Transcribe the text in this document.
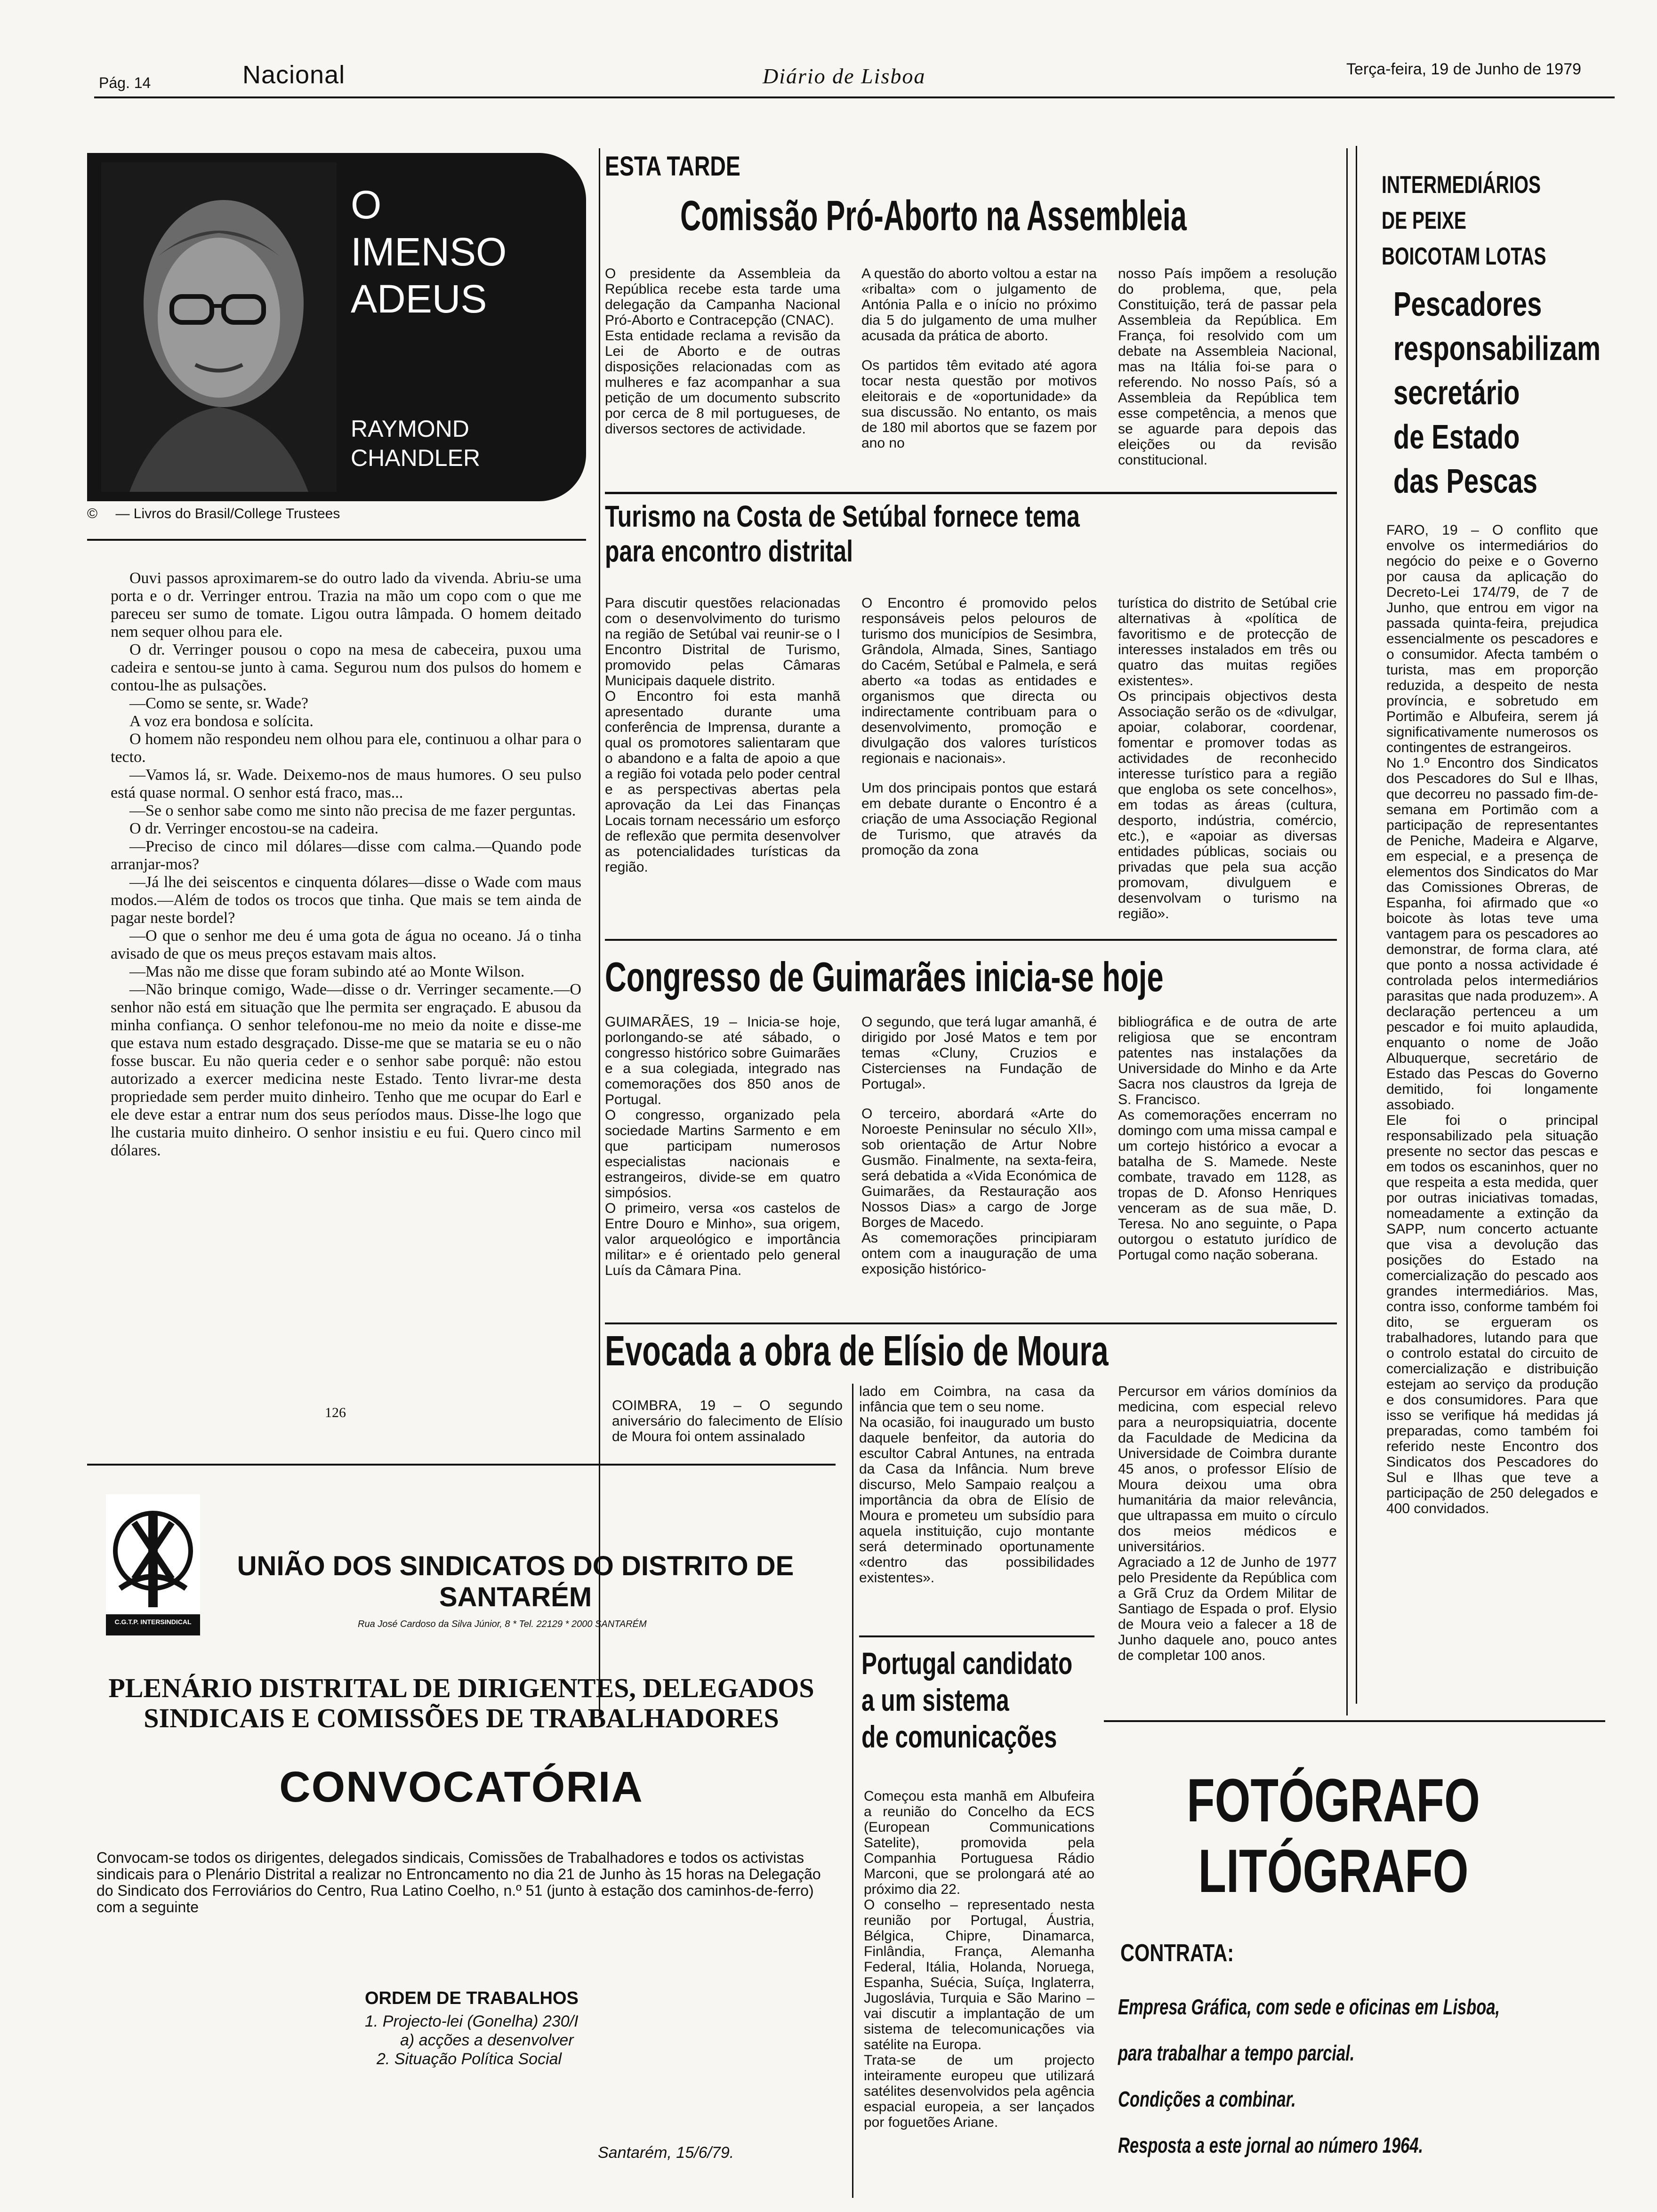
Pág. 14	Nacional	Diário de Lisboa	Terça-feira, 19 de Junho de 1979
O
IMENSO
ADEUS
RAYMOND
CHANDLER
© — Livros do Brasil/College Trustees

Ouvi passos aproximarem-se do outro lado da vivenda. Abriu-se uma porta e o dr. Verringer entrou. Trazia na mão um copo com o que me pareceu ser sumo de tomate. Ligou outra lâmpada. O homem deitado nem sequer olhou para ele.

O dr. Verringer pousou o copo na mesa de cabeceira, puxou uma cadeira e sentou-se junto à cama. Segurou num dos pulsos do homem e contou-lhe as pulsações.

—Como se sente, sr. Wade?

A voz era bondosa e solícita.

O homem não respondeu nem olhou para ele, continuou a olhar para o tecto.

—Vamos lá, sr. Wade. Deixemo-nos de maus humores. O seu pulso está quase normal. O senhor está fraco, mas...

—Se o senhor sabe como me sinto não precisa de me fazer perguntas.

O dr. Verringer encostou-se na cadeira.

—Preciso de cinco mil dólares—disse com calma.—Quando pode arranjar-mos?

—Já lhe dei seiscentos e cinquenta dólares—disse o Wade com maus modos.—Além de todos os trocos que tinha. Que mais se tem ainda de pagar neste bordel?

—O que o senhor me deu é uma gota de água no oceano. Já o tinha avisado de que os meus preços estavam mais altos.

—Mas não me disse que foram subindo até ao Monte Wilson.

—Não brinque comigo, Wade—disse o dr. Verringer secamente.—O senhor não está em situação que lhe permita ser engraçado. E abusou da minha confiança. O senhor telefonou-me no meio da noite e disse-me que estava num estado desgraçado. Disse-me que se mataria se eu o não fosse buscar. Eu não queria ceder e o senhor sabe porquê: não estou autorizado a exercer medicina neste Estado. Tento livrar-me desta propriedade sem perder muito dinheiro. Tenho que me ocupar do Earl e ele deve estar a entrar num dos seus períodos maus. Disse-lhe logo que lhe custaria muito dinheiro. O senhor insistiu e eu fui. Quero cinco mil dólares.

126
ESTA TARDE
Comissão Pró-Aborto na Assembleia

O presidente da Assembleia da República recebe esta tarde uma delegação da Campanha Nacional Pró-Aborto e Contracepção (CNAC).

Esta entidade reclama a revisão da Lei de Aborto e de outras disposições relacionadas com as mulheres e faz acompanhar a sua petição de um documento subscrito por cerca de 8 mil portugueses, de diversos sectores de actividade.

A questão do aborto voltou a estar na «ribalta» com o julgamento de Antónia Palla e o início no próximo dia 5 do julgamento de uma mulher acusada da prática de aborto.

Os partidos têm evitado até agora tocar nesta questão por motivos eleitorais e de «oportunidade» da sua discussão. No entanto, os mais de 180 mil abortos que se fazem por ano no

nosso País impõem a resolução do problema, que, pela Constituição, terá de passar pela Assembleia da República. Em França, foi resolvido com um debate na Assembleia Nacional, mas na Itália foi-se para o referendo. No nosso País, só a Assembleia da República tem esse competência, a menos que se aguarde para depois das eleições ou da revisão constitucional.

Turismo na Costa de Setúbal fornece tema
para encontro distrital

Para discutir questões relacionadas com o desenvolvimento do turismo na região de Setúbal vai reunir-se o I Encontro Distrital de Turismo, promovido pelas Câmaras Municipais daquele distrito.

O Encontro foi esta manhã apresentado durante uma conferência de Imprensa, durante a qual os promotores salientaram que o abandono e a falta de apoio a que a região foi votada pelo poder central e as perspectivas abertas pela aprovação da Lei das Finanças Locais tornam necessário um esforço de reflexão que permita desenvolver as potencialidades turísticas da região.

O Encontro é promovido pelos responsáveis pelos pelouros de turismo dos municípios de Sesimbra, Grândola, Almada, Sines, Santiago do Cacém, Setúbal e Palmela, e será aberto «a todas as entidades e organismos que directa ou indirectamente contribuam para o desenvolvimento, promoção e divulgação dos valores turísticos regionais e nacionais».

Um dos principais pontos que estará em debate durante o Encontro é a criação de uma Associação Regional de Turismo, que através da promoção da zona

turística do distrito de Setúbal crie alternativas à «política de favoritismo e de protecção de interesses instalados em três ou quatro das muitas regiões existentes».

Os principais objectivos desta Associação serão os de «divulgar, apoiar, colaborar, coordenar, fomentar e promover todas as actividades de reconhecido interesse turístico para a região que engloba os sete concelhos», em todas as áreas (cultura, desporto, indústria, comércio, etc.), e «apoiar as diversas entidades públicas, sociais ou privadas que pela sua acção promovam, divulguem e desenvolvam o turismo na região».

Congresso de Guimarães inicia-se hoje

GUIMARÃES, 19 – Inicia-se hoje, porlongando-se até sábado, o congresso histórico sobre Guimarães e a sua colegiada, integrado nas comemorações dos 850 anos de Portugal.

O congresso, organizado pela sociedade Martins Sarmento e em que participam numerosos especialistas nacionais e estrangeiros, divide-se em quatro simpósios.

O primeiro, versa «os castelos de Entre Douro e Minho», sua origem, valor arqueológico e importância militar» e é orientado pelo general Luís da Câmara Pina.

O segundo, que terá lugar amanhã, é dirigido por José Matos e tem por temas «Cluny, Cruzios e Cistercienses na Fundação de Portugal».

O terceiro, abordará «Arte do Noroeste Peninsular no século XII», sob orientação de Artur Nobre Gusmão. Finalmente, na sexta-feira, será debatida a «Vida Económica de Guimarães, da Restauração aos Nossos Dias» a cargo de Jorge Borges de Macedo.

As comemorações principiaram ontem com a inauguração de uma exposição histórico-

bibliográfica e de outra de arte religiosa que se encontram patentes nas instalações da Universidade do Minho e da Arte Sacra nos claustros da Igreja de S. Francisco.

As comemorações encerram no domingo com uma missa campal e um cortejo histórico a evocar a batalha de S. Mamede. Neste combate, travado em 1128, as tropas de D. Afonso Henriques venceram as de sua mãe, D. Teresa. No ano seguinte, o Papa outorgou o estatuto jurídico de Portugal como nação soberana.

Evocada a obra de Elísio de Moura

COIMBRA, 19 – O segundo aniversário do falecimento de Elísio de Moura foi ontem assinalado

lado em Coimbra, na casa da infância que tem o seu nome.

Na ocasião, foi inaugurado um busto daquele benfeitor, da autoria do escultor Cabral Antunes, na entrada da Casa da Infância. Num breve discurso, Melo Sampaio realçou a importância da obra de Elísio de Moura e prometeu um subsídio para aquela instituição, cujo montante será determinado oportunamente «dentro das possibilidades existentes».

Percursor em vários domínios da medicina, com especial relevo para a neuropsiquiatria, docente da Faculdade de Medicina da Universidade de Coimbra durante 45 anos, o professor Elísio de Moura deixou uma obra humanitária da maior relevância, que ultrapassa em muito o círculo dos meios médicos e universitários.

Agraciado a 12 de Junho de 1977 pelo Presidente da República com a Grã Cruz da Ordem Militar de Santiago de Espada o prof. Elysio de Moura veio a falecer a 18 de Junho daquele ano, pouco antes de completar 100 anos.

Portugal candidato
a um sistema
de comunicações

Começou esta manhã em Albufeira a reunião do Concelho da ECS (European Communications Satelite), promovida pela Companhia Portuguesa Rádio Marconi, que se prolongará até ao próximo dia 22.

O conselho – representado nesta reunião por Portugal, Áustria, Bélgica, Chipre, Dinamarca, Finlândia, França, Alemanha Federal, Itália, Holanda, Noruega, Espanha, Suécia, Suíça, Inglaterra, Jugoslávia, Turquia e São Marino – vai discutir a implantação de um sistema de telecomunicações via satélite na Europa.

Trata-se de um projecto inteiramente europeu que utilizará satélites desenvolvidos pela agência espacial europeia, a ser lançados por foguetões Ariane.

INTERMEDIÁRIOS
DE PEIXE
BOICOTAM LOTAS
Pescadores
responsabilizam
secretário
de Estado
das Pescas

FARO, 19 – O conflito que envolve os intermediários do negócio do peixe e o Governo por causa da aplicação do Decreto-Lei 174/79, de 7 de Junho, que entrou em vigor na passada quinta-feira, prejudica essencialmente os pescadores e o consumidor. Afecta também o turista, mas em proporção reduzida, a despeito de nesta província, e sobretudo em Portimão e Albufeira, serem já significativamente numerosos os contingentes de estrangeiros.

No 1.º Encontro dos Sindicatos dos Pescadores do Sul e Ilhas, que decorreu no passado fim-de-semana em Portimão com a participação de representantes de Peniche, Madeira e Algarve, em especial, e a presença de elementos dos Sindicatos do Mar das Comissiones Obreras, de Espanha, foi afirmado que «o boicote às lotas teve uma vantagem para os pescadores ao demonstrar, de forma clara, até que ponto a nossa actividade é controlada pelos intermediários parasitas que nada produzem». A declaração pertenceu a um pescador e foi muito aplaudida, enquanto o nome de João Albuquerque, secretário de Estado das Pescas do Governo demitido, foi longamente assobiado.

Ele foi o principal responsabilizado pela situação presente no sector das pescas e em todos os escaninhos, quer no que respeita a esta medida, quer por outras iniciativas tomadas, nomeadamente a extinção da SAPP, num concerto actuante que visa a devolução das posições do Estado na comercialização do pescado aos grandes intermediários. Mas, contra isso, conforme também foi dito, se ergueram os trabalhadores, lutando para que o controlo estatal do circuito de comercialização e distribuição estejam ao serviço da produção e dos consumidores. Para que isso se verifique há medidas já preparadas, como também foi referido neste Encontro dos Sindicatos dos Pescadores do Sul e Ilhas que teve a participação de 250 delegados e 400 convidados.

C.G.T.P. INTERSINDICAL
UNIÃO DOS SINDICATOS DO DISTRITO DE
SANTARÉM
Rua José Cardoso da Silva Júnior, 8 * Tel. 22129 * 2000 SANTARÉM
PLENÁRIO DISTRITAL DE DIRIGENTES, DELEGADOS
SINDICAIS E COMISSÕES DE TRABALHADORES
CONVOCATÓRIA
Convocam-se todos os dirigentes, delegados sindicais, Comissões de Trabalhadores e todos os activistas sindicais para o Plenário Distrital a realizar no Entroncamento no dia 21 de Junho às 15 horas na Delegação do Sindicato dos Ferroviários do Centro, Rua Latino Coelho, n.º 51 (junto à estação dos caminhos-de-ferro) com a seguinte
ORDEM DE TRABALHOS
1. Projecto-lei (Gonelha) 230/I
a) acções a desenvolver
2. Situação Política Social
Santarém, 15/6/79.
FOTÓGRAFO
LITÓGRAFO
CONTRATA:
Empresa Gráfica, com sede e oficinas em Lisboa,
para trabalhar a tempo parcial.
Condições a combinar.
Resposta a este jornal ao número 1964.
